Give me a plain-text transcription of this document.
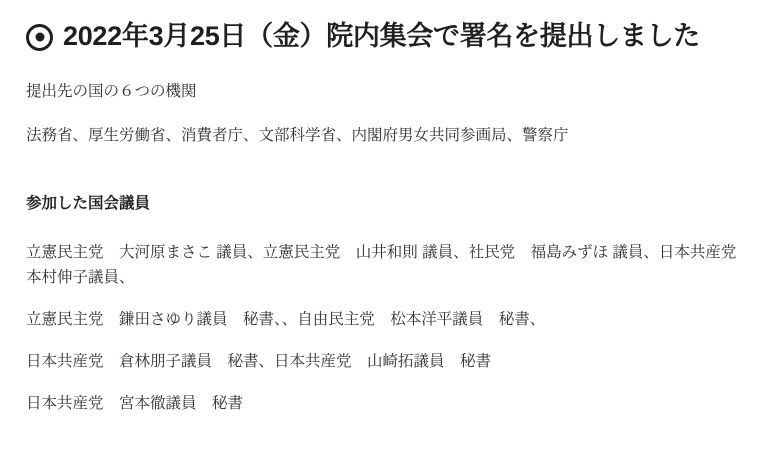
2022年3月25日（金）院内集会で署名を提出しました

提出先の国の６つの機関

法務省、厚生労働省、消費者庁、文部科学省、内閣府男女共同参画局、警察庁

参加した国会議員

立憲民主党　大河原まさこ 議員、立憲民主党　山井和則 議員、社民党　福島みずほ 議員、日本共産党　本村伸子議員、

立憲民主党　鎌田さゆり議員　秘書、、自由民主党　松本洋平議員　秘書、

日本共産党　倉林朋子議員　秘書、日本共産党　山崎拓議員　秘書

日本共産党　宮本徹議員　秘書
